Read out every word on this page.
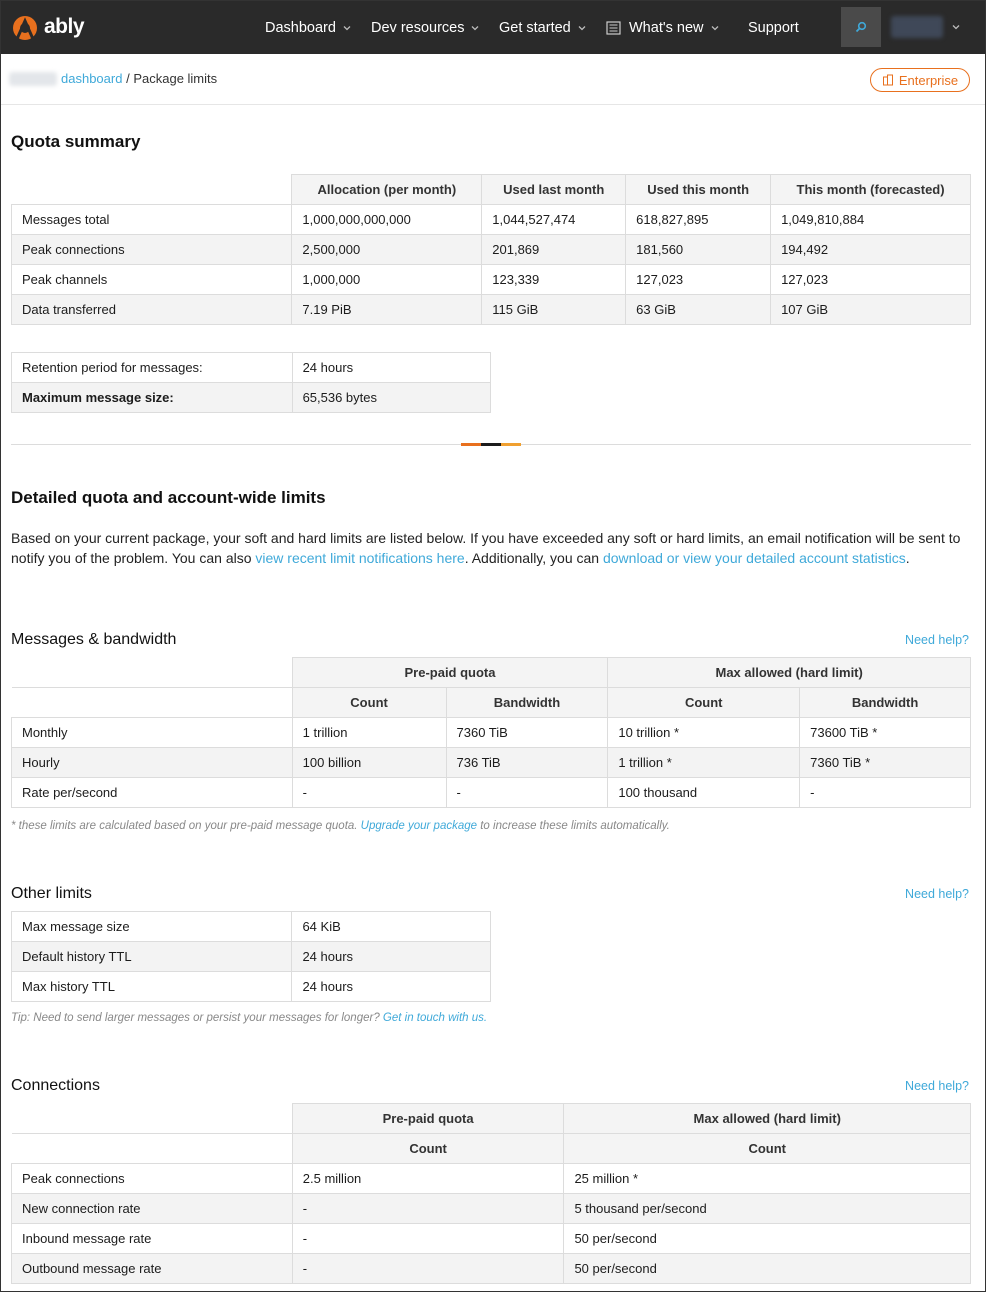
ably	Dashboard Dev resources Get started	What's new	Support
dashboard / Package limits	Enterprise
Quota summary
	Allocation (per month)	Used last month	Used this month	This month (forecasted)
Messages total	1,000,000,000,000	1,044,527,474	618,827,895	1,049,810,884
Peak connections	2,500,000	201,869	181,560	194,492
Peak channels	1,000,000	123,339	127,023	127,023
Data transferred	7.19 PiB	115 GiB	63 GiB	107 GiB
Retention period for messages:	24 hours
Maximum message size:	65,536 bytes
Detailed quota and account-wide limits

Based on your current package, your soft and hard limits are listed below. If you have exceeded any soft or hard limits, an email notification will be sent to notify you of the problem. You can also view recent limit notifications here. Additionally, you can download or view your detailed account statistics.

Messages & bandwidth	Need help?
	Pre-paid quota		Max allowed (hard limit)	
	Count	Bandwidth	Count	Bandwidth
Monthly	1 trillion	7360 TiB	10 trillion *	73600 TiB *
Hourly	100 billion	736 TiB	1 trillion *	7360 TiB *
Rate per/second	-	-	100 thousand	-

* these limits are calculated based on your pre-paid message quota. Upgrade your package to increase these limits automatically.

Other limits	Need help?
Max message size	64 KiB
Default history TTL	24 hours
Max history TTL	24 hours

Tip: Need to send larger messages or persist your messages for longer? Get in touch with us.

Connections	Need help?
	Pre-paid quota	Max allowed (hard limit)
	Count	Count
Peak connections	2.5 million	25 million *
New connection rate	-	5 thousand per/second
Inbound message rate	-	50 per/second
Outbound message rate	-	50 per/second
